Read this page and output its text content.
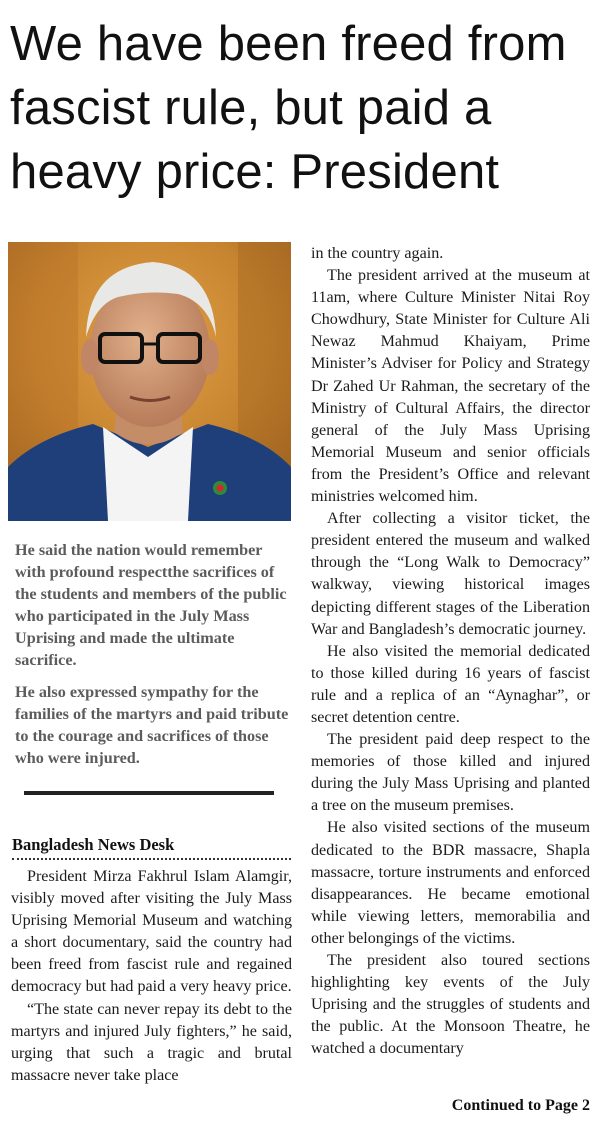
We have been freed from fascist rule, but paid a heavy price: President

He said the nation would remember with profound respectthe sacrifices of the students and members of the public who participated in the July Mass Uprising and made the ultimate sacrifice.

He also expressed sympathy for the families of the martyrs and paid tribute to the courage and sacrifices of those who were injured.

Bangladesh News Desk

President Mirza Fakhrul Islam Alamgir, visibly moved after visiting the July Mass Uprising Memorial Museum and watching a short documentary, said the country had been freed from fascist rule and regained democracy but had paid a very heavy price.

“The state can never repay its debt to the martyrs and injured July fighters,” he said, urging that such a tragic and brutal massacre never take place

in the country again.

The president arrived at the museum at 11am, where Culture Minister Nitai Roy Chowdhury, State Minister for Culture Ali Newaz Mahmud Khaiyam, Prime Minister’s Adviser for Policy and Strategy Dr Zahed Ur Rahman, the secretary of the Ministry of Cultural Affairs, the director general of the July Mass Uprising Memorial Museum and senior officials from the President’s Office and relevant ministries welcomed him.

After collecting a visitor ticket, the president entered the museum and walked through the “Long Walk to Democracy” walkway, viewing historical images depicting different stages of the Liberation War and Bangladesh’s democratic journey.

He also visited the memorial dedicated to those killed during 16 years of fascist rule and a replica of an “Aynaghar”, or secret detention centre.

The president paid deep respect to the memories of those killed and injured during the July Mass Uprising and planted a tree on the museum premises.

He also visited sections of the museum dedicated to the BDR massacre, Shapla massacre, torture instruments and enforced disappearances. He became emotional while viewing letters, memorabilia and other belongings of the victims.

The president also toured sections highlighting key events of the July Uprising and the struggles of students and the public. At the Monsoon Theatre, he watched a documentary

Continued to Page 2
